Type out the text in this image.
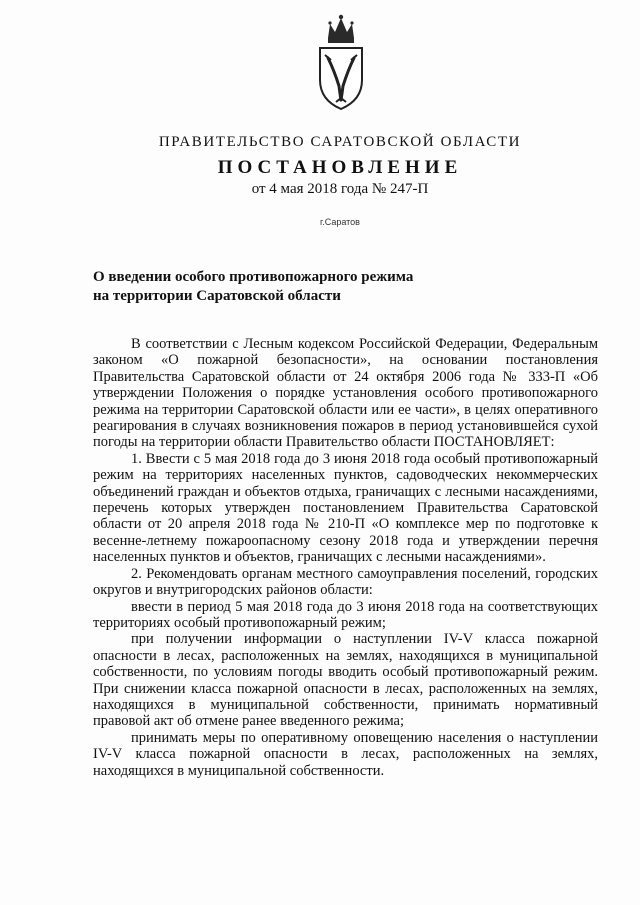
ПРАВИТЕЛЬСТВО САРАТОВСКОЙ ОБЛАСТИ
ПОСТАНОВЛЕНИЕ
от 4 мая 2018 года № 247-П
г.Саратов
О введении особого противопожарного режима
на территории Саратовской области

В соответствии с Лесным кодексом Российской Федерации, Федеральным законом «О пожарной безопасности», на основании постановления Правительства Саратовской области от 24 октября 2006 года № 333-П «Об утверждении Положения о порядке установления особого противопожарного режима на территории Саратовской области или ее части», в целях оперативного реагирования в случаях возникновения пожаров в период установившейся сухой погоды на территории области Правительство области ПОСТАНОВЛЯЕТ:

1. Ввести с 5 мая 2018 года до 3 июня 2018 года особый противопожарный режим на территориях населенных пунктов, садоводческих некоммерческих объединений граждан и объектов отдыха, граничащих с лесными насаждениями, перечень которых утвержден постановлением Правительства Саратовской области от 20 апреля 2018 года № 210-П «О комплексе мер по подготовке к весенне-летнему пожароопасному сезону 2018 года и утверждении перечня населенных пунктов и объектов, граничащих с лесными насаждениями».

2. Рекомендовать органам местного самоуправления поселений, городских округов и внутригородских районов области:

ввести в период 5 мая 2018 года до 3 июня 2018 года на соответствующих территориях особый противопожарный режим;

при получении информации о наступлении IV-V класса пожарной опасности в лесах, расположенных на землях, находящихся в муниципальной собственности, по условиям погоды вводить особый противопожарный режим. При снижении класса пожарной опасности в лесах, расположенных на землях, находящихся в муниципальной собственности, принимать нормативный правовой акт об отмене ранее введенного режима;

принимать меры по оперативному оповещению населения о наступлении IV-V класса пожарной опасности в лесах, расположенных на землях, находящихся в муниципальной собственности.
